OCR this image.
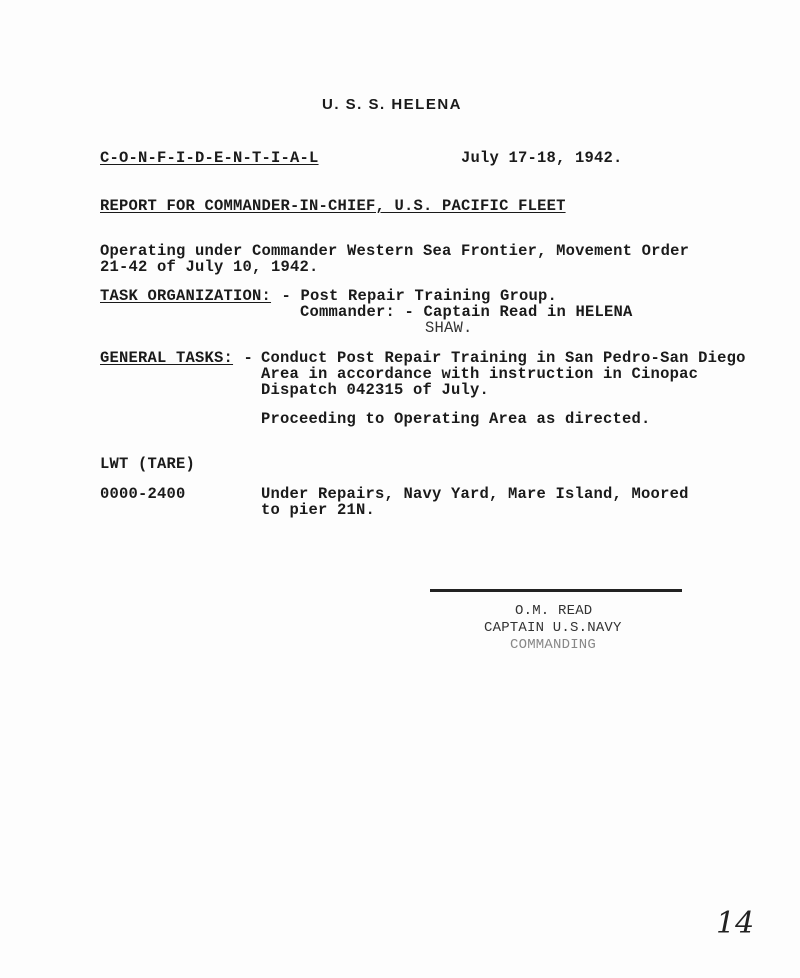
U. S. S. HELENA
C-O-N-F-I-D-E-N-T-I-A-L	July 17-18, 1942.
REPORT FOR COMMANDER-IN-CHIEF, U.S. PACIFIC FLEET
Operating under Commander Western Sea Frontier, Movement Order
21-42 of July 10, 1942.
TASK ORGANIZATION: - Post Repair Training Group.
Commander: - Captain Read in HELENA
SHAW.
GENERAL TASKS: -
Conduct Post Repair Training in San Pedro-San Diego
Area in accordance with instruction in Cinopac
Dispatch 042315 of July.
Proceeding to Operating Area as directed.
LWT (TARE)
0000-2400	Under Repairs, Navy Yard, Mare Island, Moored
to pier 21N.
O.M. READ
CAPTAIN U.S.NAVY
COMMANDING
14
